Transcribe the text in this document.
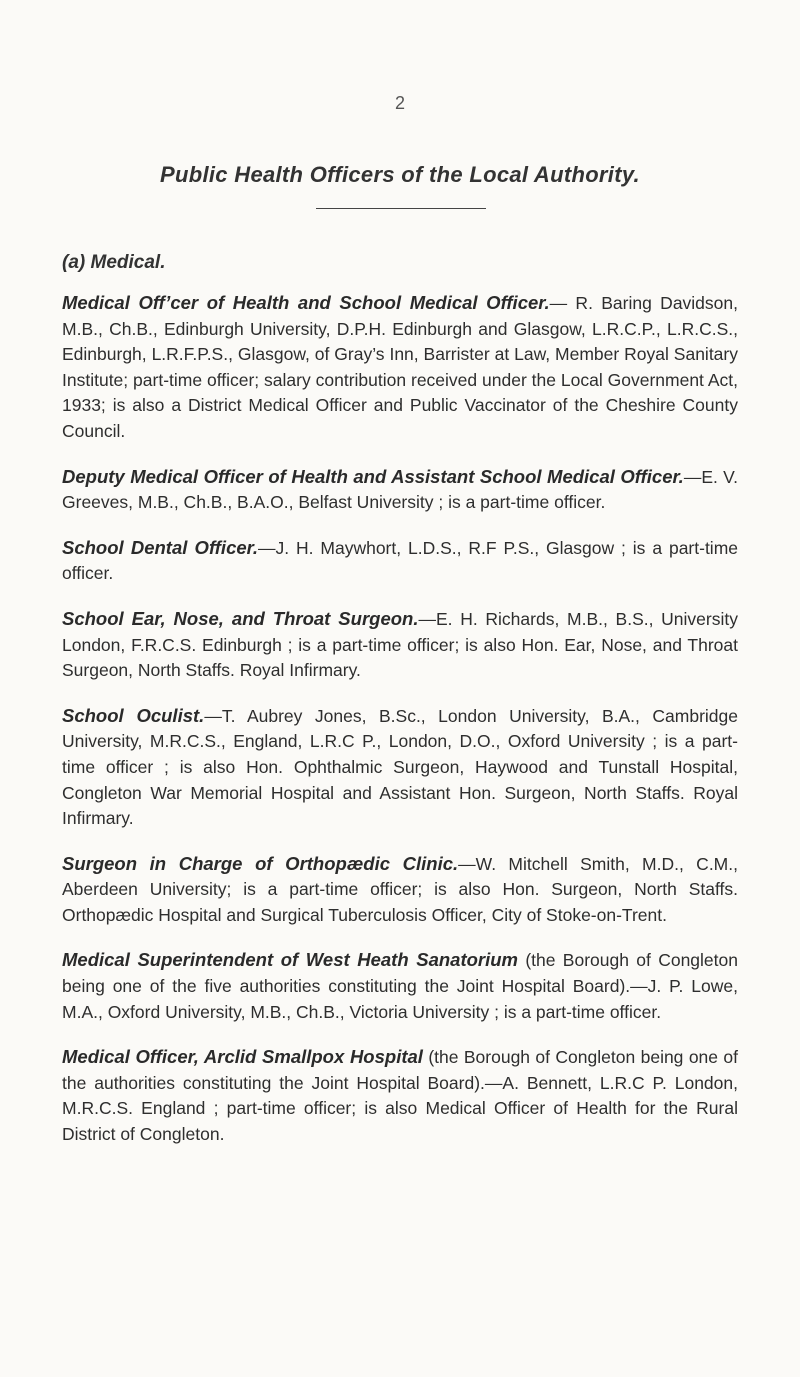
2
Public Health Officers of the Local Authority.
(a) Medical.

Medical Off’cer of Health and School Medical Officer.— R. Baring Davidson, M.B., Ch.B., Edinburgh University, D.P.H. Edinburgh and Glasgow, L.R.C.P., L.R.C.S., Edinburgh, L.R.F.P.S., Glasgow, of Gray’s Inn, Barrister at Law, Member Royal Sanitary Institute; part-time officer; salary contribution received under the Local Government Act, 1933; is also a District Medical Officer and Public Vaccinator of the Cheshire County Council.

Deputy Medical Officer of Health and Assistant School Medical Officer.—E. V. Greeves, M.B., Ch.B., B.A.O., Belfast University ; is a part-time officer.

School Dental Officer.—J. H. Maywhort, L.D.S., R.F P.S., Glasgow ; is a part-time officer.

School Ear, Nose, and Throat Surgeon.—E. H. Richards, M.B., B.S., University London, F.R.C.S. Edinburgh ; is a part-time officer; is also Hon. Ear, Nose, and Throat Surgeon, North Staffs. Royal Infirmary.

School Oculist.—T. Aubrey Jones, B.Sc., London University, B.A., Cambridge University, M.R.C.S., England, L.R.C P., London, D.O., Oxford University ; is a part-time officer ; is also Hon. Ophthalmic Surgeon, Haywood and Tunstall Hospital, Congleton War Memorial Hospital and Assistant Hon. Surgeon, North Staffs. Royal Infirmary.

Surgeon in Charge of Orthopædic Clinic.—W. Mitchell Smith, M.D., C.M., Aberdeen University; is a part-time officer; is also Hon. Surgeon, North Staffs. Orthopædic Hospital and Surgical Tuberculosis Officer, City of Stoke-on-Trent.

Medical Superintendent of West Heath Sanatorium (the Borough of Congleton being one of the five authorities constituting the Joint Hospital Board).—J. P. Lowe, M.A., Oxford University, M.B., Ch.B., Victoria University ; is a part-time officer.

Medical Officer, Arclid Smallpox Hospital (the Borough of Congleton being one of the authorities constituting the Joint Hospital Board).—A. Bennett, L.R.C P. London, M.R.C.S. England ; part-time officer; is also Medical Officer of Health for the Rural District of Congleton.
